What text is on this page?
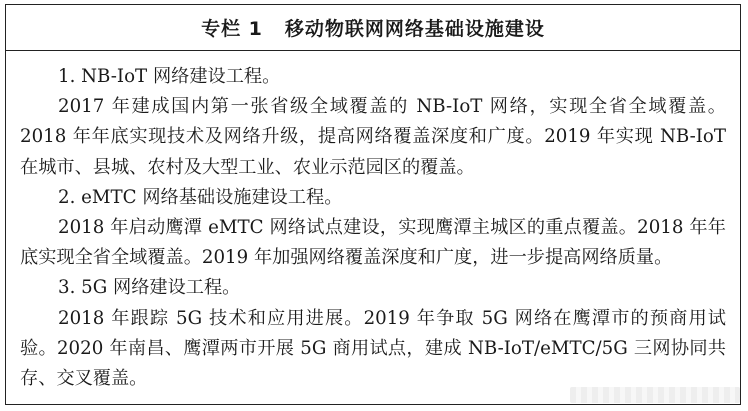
专栏 1 移动物联网网络基础设施建设
1. NB-IoT 网络建设工程。
2017 年建成国内第一张省级全域覆盖的 NB-IoT 网络，实现全省全域覆盖。
2018 年年底实现技术及网络升级，提高网络覆盖深度和广度。2019 年实现 NB-IoT
在城市、县城、农村及大型工业、农业示范园区的覆盖。
2. eMTC 网络基础设施建设工程。
2018 年启动鹰潭 eMTC 网络试点建设，实现鹰潭主城区的重点覆盖。2018 年年
底实现全省全域覆盖。2019 年加强网络覆盖深度和广度，进一步提高网络质量。
3. 5G 网络建设工程。
2018 年跟踪 5G 技术和应用进展。2019 年争取 5G 网络在鹰潭市的预商用试
验。2020 年南昌、鹰潭两市开展 5G 商用试点，建成 NB-IoT/eMTC/5G 三网协同共
存、交叉覆盖。
